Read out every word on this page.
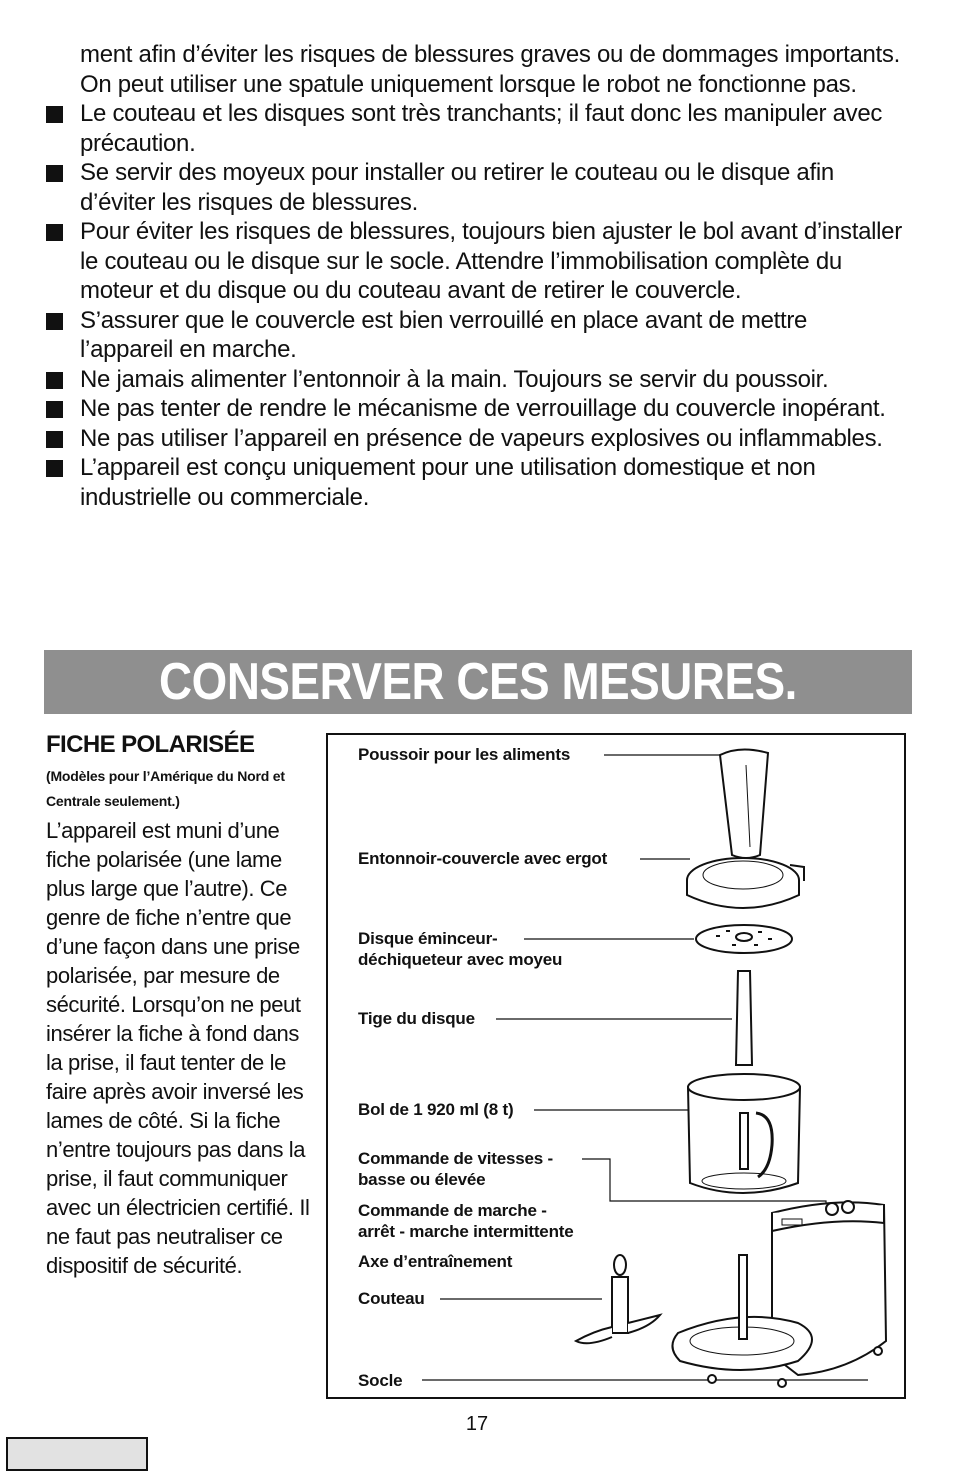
ment afin d’éviter les risques de blessures graves ou de dommages importants. On peut utiliser une spatule uniquement lorsque le robot ne fonctionne pas.
Le couteau et les disques sont très tranchants; il faut donc les manipuler avec précaution.
Se servir des moyeux pour installer ou retirer le couteau ou le disque afin d’éviter les risques de blessures.
Pour éviter les risques de blessures, toujours bien ajuster le bol avant d’installer le couteau ou le disque sur le socle. Attendre l’immobilisation complète du moteur et du disque ou du couteau avant de retirer le couvercle.
S’assurer que le couvercle est bien verrouillé en place avant de mettre l’appareil en marche.
Ne jamais alimenter l’entonnoir à la main. Toujours se servir du poussoir.
Ne pas tenter de rendre le mécanisme de verrouillage du couvercle inopérant.
Ne pas utiliser l’appareil en présence de vapeurs explosives ou inflammables.
L’appareil est conçu uniquement pour une utilisation domestique et non industrielle ou commerciale.
CONSERVER CES MESURES.
FICHE POLARISÉE
(Modèles pour l’Amérique du Nord et Centrale seulement.)
L’appareil est muni d’une fiche polarisée (une lame plus large que l’autre). Ce genre de fiche n’entre que d’une façon dans une prise polarisée, par mesure de sécurité. Lorsqu’on ne peut insérer la fiche à fond dans la prise, il faut tenter de le faire après avoir inversé les lames de côté. Si la fiche n’entre toujours pas dans la prise, il faut communiquer avec un électricien certifié. Il ne faut pas neutraliser ce dispositif de sécurité.
Poussoir pour les aliments
Entonnoir-couvercle avec ergot
Disque éminceur-
déchiqueteur avec moyeu
Tige du disque
Bol de 1 920 ml (8 t)
Commande de vitesses -
basse ou élevée
Commande de marche -
arrêt - marche intermittente
Axe d’entraînement
Couteau
Socle
17
